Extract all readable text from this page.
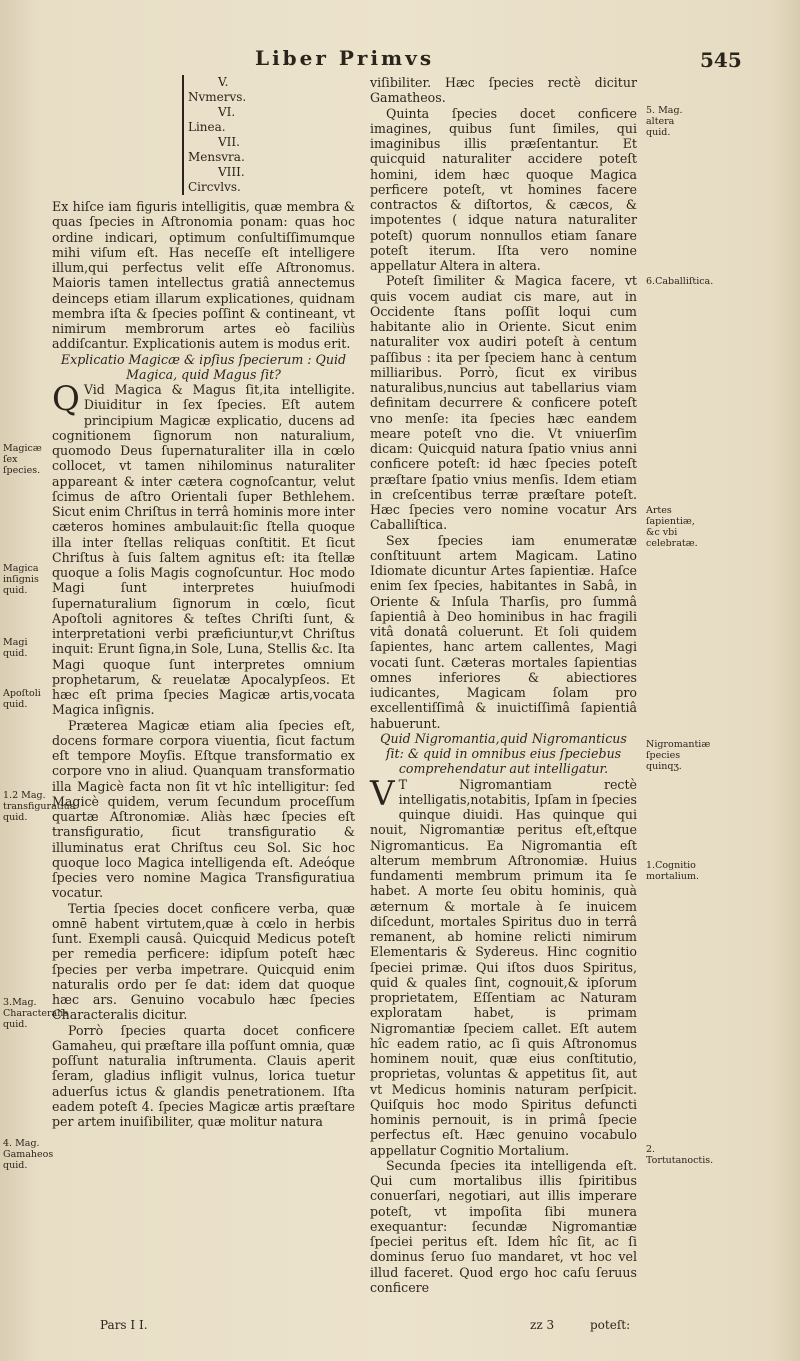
Liber Primvs	545
V.
Nvmervs.
VI.
Linea.
VII.
Mensvra.
VIII.
Circvlvs.

Ex hiſce iam figuris intelligitis, quæ membra & quas ſpecies in Aſtronomia ponam: quas hoc ordine indicari, optimum conſultiſſimumque mihi viſum eſt. Has neceſſe eſt intelligere illum,qui perfectus velit eſſe Aſtronomus. Maioris tamen intellectus gratiâ annectemus deinceps etiam illarum explicationes, quidnam membra iſta & ſpecies poſſint & contineant, vt nimirum membrorum artes eò faciliùs addiſcantur. Explicationis autem is modus erit.

Explicatio Magicæ & ipſius ſpecierum : Quid Magica, quid Magus ſit?

Q Vid Magica & Magus ſit,ita intelligite. Diuiditur in ſex ſpecies. Eſt autem principium Magicæ explicatio, ducens ad cognitionem ſignorum non naturalium, quomodo Deus ſupernaturaliter illa in cœlo collocet, vt tamen nihilominus naturaliter appareant & inter cætera cognoſcantur, velut ſcimus de aſtro Orientali ſuper Bethlehem. Sicut enim Chriſtus in terrâ hominis more inter cæteros homines ambulauit:ſic ſtella quoque illa inter ſtellas reliquas conſtitit. Et ſicut Chriſtus à ſuis ſaltem agnitus eſt: ita ſtellæ quoque a ſolis Magis cognoſcuntur. Hoc modo Magi ſunt interpretes huiuſmodi ſupernaturalium ſignorum in cœlo, ſicut Apoſtoli agnitores & teſtes Chriſti ſunt, & interpretationi verbi præficiuntur,vt Chriſtus inquit: Erunt ſigna,in Sole, Luna, Stellis &c. Ita Magi quoque ſunt interpretes omnium prophetarum, & reuelatæ Apocalypſeos. Et hæc eſt prima ſpecies Magicæ artis,vocata Magica inſignis.

Præterea Magicæ etiam alia ſpecies eſt, docens formare corpora viuentia, ſicut factum eſt tempore Moyſis. Eſtque transformatio ex corpore vno in aliud. Quanquam transformatio illa Magicè facta non ſit vt hîc intelligitur: ſed Magicè quidem, verum ſecundum proceſſum quartæ Aſtronomiæ. Aliàs hæc ſpecies eſt transfiguratio, ſicut transfiguratio & illuminatus erat Chriſtus ceu Sol. Sic hoc quoque loco Magica intelligenda eſt. Adeóque ſpecies vero nomine Magica Transfiguratiua vocatur.

Tertia ſpecies docet conficere verba, quæ omnē habent virtutem,quæ à cœlo in herbis ſunt. Exempli causâ. Quicquid Medicus poteſt per remedia perficere: idipſum poteſt hæc ſpecies per verba impetrare. Quicquid enim naturalis ordo per ſe dat: idem dat quoque hæc ars. Genuino vocabulo hæc ſpecies Characteralis dicitur.

Porrò ſpecies quarta docet conficere Gamaheu, qui præſtare illa poſſunt omnia, quæ poſſunt naturalia inſtrumenta. Clauis aperit ſeram, gladius infligit vulnus, lorica tuetur aduerſus ictus & glandis penetrationem. Iſta eadem poteſt 4. ſpecies Magicæ artis præſtare per artem inuiſibiliter, quæ molitur natura

Pars I I.

viſibiliter. Hæc ſpecies rectè dicitur Gamatheos.

Quinta ſpecies docet conficere imagines, quibus ſunt ſimiles, qui imaginibus illis præſentantur. Et quicquid naturaliter accidere poteſt homini, idem hæc quoque Magica perficere poteſt, vt homines facere contractos & diſtortos, & cæcos, & impotentes ( idque natura naturaliter poteſt) quorum nonnullos etiam ſanare poteſt iterum. Iſta vero nomine appellatur Altera in altera.

Poteſt ſimiliter & Magica facere, vt quis vocem audiat cis mare, aut in Occidente ſtans poſſit loqui cum habitante alio in Oriente. Sicut enim naturaliter vox audiri poteſt à centum paſſibus : ita per ſpeciem hanc à centum milliaribus. Porrò, ſicut ex viribus naturalibus,nuncius aut tabellarius viam definitam decurrere & conficere poteſt vno menſe: ita ſpecies hæc eandem meare poteſt vno die. Vt vniuerſim dicam: Quicquid natura ſpatio vnius anni conficere poteſt: id hæc ſpecies poteſt præſtare ſpatio vnius menſis. Idem etiam in creſcentibus terræ præſtare poteſt. Hæc ſpecies vero nomine vocatur Ars Caballiſtica.

Sex ſpecies iam enumeratæ conſtituunt artem Magicam. Latino Idiomate dicuntur Artes ſapientiæ. Haſce enim ſex ſpecies, habitantes in Sabâ, in Oriente & Inſula Tharſis, pro ſummâ ſapientiâ à Deo hominibus in hac fragili vitâ donatâ coluerunt. Et ſoli quidem ſapientes, hanc artem callentes, Magi vocati ſunt. Cæteras mortales ſapientias omnes inferiores & abiectiores iudicantes, Magicam ſolam pro excellentiſſimâ & inuictiſſimâ ſapientiâ habuerunt.

Quid Nigromantia,quid Nigromanticus ſit: & quid in omnibus eius ſpeciebus comprehendatur aut intelligatur.

V T Nigromantiam rectè intelligatis,notabitis, Ipſam in ſpecies quinque diuidi. Has quinque qui nouit, Nigromantiæ peritus eſt,eſtque Nigromanticus. Ea Nigromantia eſt alterum membrum Aſtronomiæ. Huius fundamenti membrum primum ita ſe habet. A morte ſeu obitu hominis, quà æternum & mortale à ſe inuicem diſcedunt, mortales Spiritus duo in terrâ remanent, ab homine relicti nimirum Elementaris & Sydereus. Hinc cognitio ſpeciei primæ. Qui iſtos duos Spiritus, quid & quales ſint, cognouit,& ipſorum proprietatem, Eſſentiam ac Naturam exploratam habet, is primam Nigromantiæ ſpeciem callet. Eſt autem hîc eadem ratio, ac ſi quis Aſtronomus hominem nouit, quæ eius conſtitutio, proprietas, voluntas & appetitus ſit, aut vt Medicus hominis naturam perſpicit. Quiſquis hoc modo Spiritus defuncti hominis pernouit, is in primâ ſpecie perfectus eſt. Hæc genuino vocabulo appellatur Cognitio Mortalium.

Secunda ſpecies ita intelligenda eſt. Qui cum mortalibus illis ſpiritibus conuerſari, negotiari, aut illis imperare poteſt, vt impoſita ſibi munera exequantur: ſecundæ Nigromantiæ ſpeciei peritus eſt. Idem hîc ſit, ac ſi dominus ſeruo ſuo mandaret, vt hoc vel illud faceret. Quod ergo hoc caſu ſeruus conficere

zz 3	poteſt:
Magicæ ſex ſpecies.
Magica inſignis quid.
Magi quid.
Apoſtoli quid.
1.2 Mag. transfiguratiua quid.
3.Mag. Characteralis quid.
4. Mag. Gamaheos quid.
5. Mag. altera quid.
6.Caballiſtica.
Artes ſapientiæ, &c vbi celebratæ.
Nigromantiæ ſpecies quinqʒ.
1.Cognitio mortalium.
2. Tortutanoctis.
